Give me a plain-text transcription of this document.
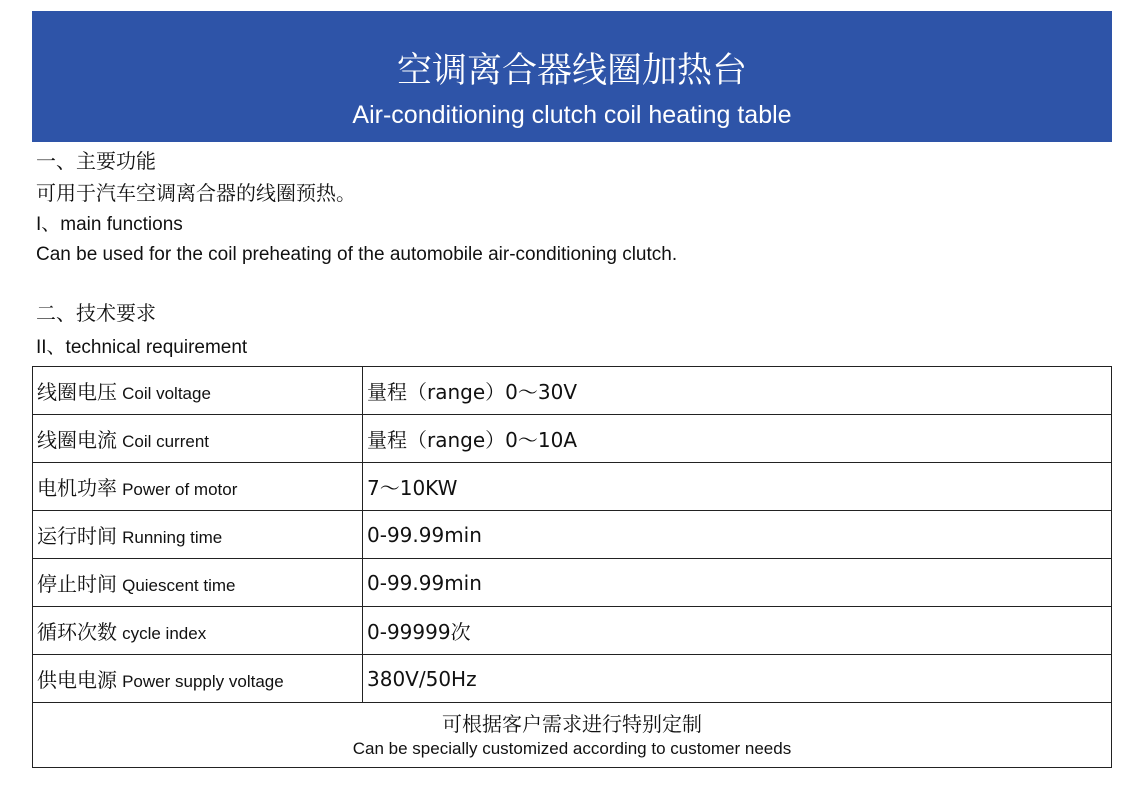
空调离合器线圈加热台
Air-conditioning clutch coil heating table
一、主要功能
可用于汽车空调离合器的线圈预热。
I、main functions
Can be used for the coil preheating of the automobile air-conditioning clutch.
二、技术要求
II、technical requirement
线圈电压 Coil voltage	量程（range）0～30V
线圈电流 Coil current	量程（range）0～10A
电机功率 Power of motor	7～10KW
运行时间 Running time	0-99.99min
停止时间 Quiescent time	0-99.99min
循环次数 cycle index	0-99999次
供电电源 Power supply voltage	380V/50Hz

可根据客户需求进行特别定制
Can be specially customized according to customer needs	
